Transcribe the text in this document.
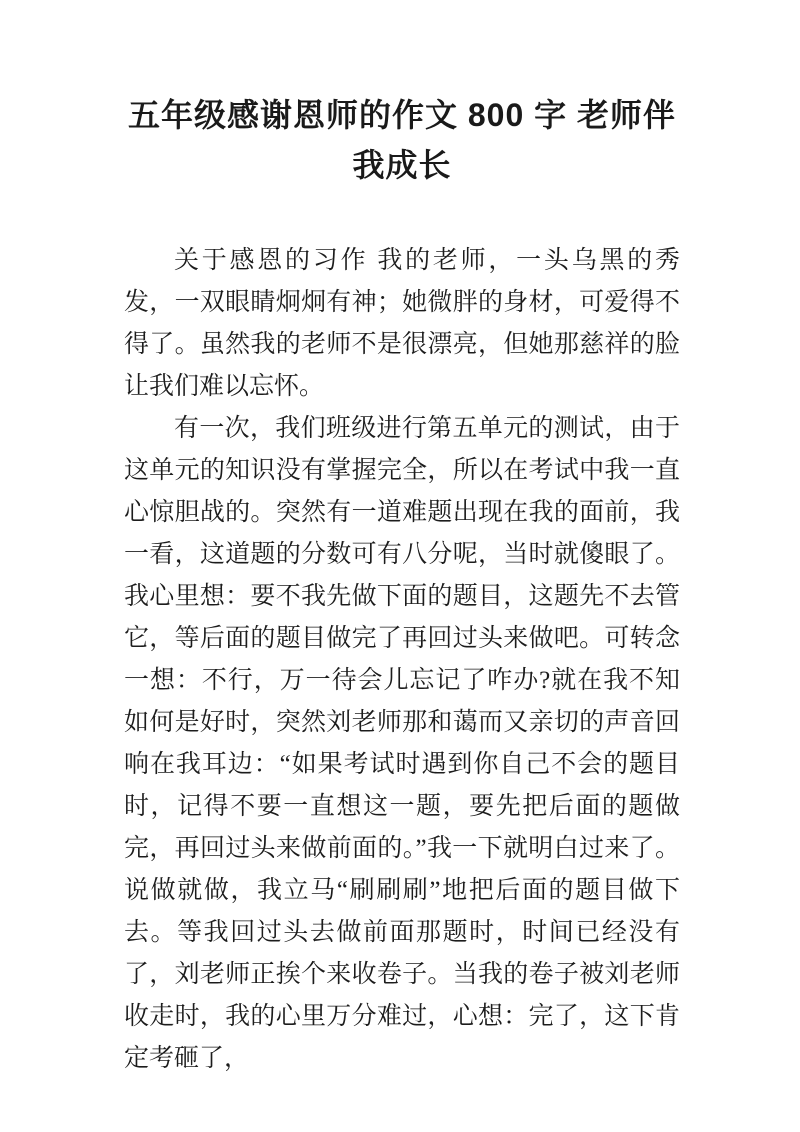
五年级感谢恩师的作文 800 字 老师伴我成长

关于感恩的习作 我的老师，一头乌黑的秀发，一双眼睛炯炯有神；她微胖的身材，可爱得不得了。虽然我的老师不是很漂亮，但她那慈祥的脸让我们难以忘怀。

有一次，我们班级进行第五单元的测试，由于这单元的知识没有掌握完全，所以在考试中我一直心惊胆战的。突然有一道难题出现在我的面前，我一看，这道题的分数可有八分呢，当时就傻眼了。我心里想：要不我先做下面的题目，这题先不去管它，等后面的题目做完了再回过头来做吧。可转念一想：不行，万一待会儿忘记了咋办?就在我不知如何是好时，突然刘老师那和蔼而又亲切的声音回响在我耳边：“如果考试时遇到你自己不会的题目时，记得不要一直想这一题，要先把后面的题做完，再回过头来做前面的。”我一下就明白过来了。说做就做，我立马“刷刷刷”地把后面的题目做下去。等我回过头去做前面那题时，时间已经没有了，刘老师正挨个来收卷子。当我的卷子被刘老师收走时，我的心里万分难过，心想：完了，这下肯定考砸了，
